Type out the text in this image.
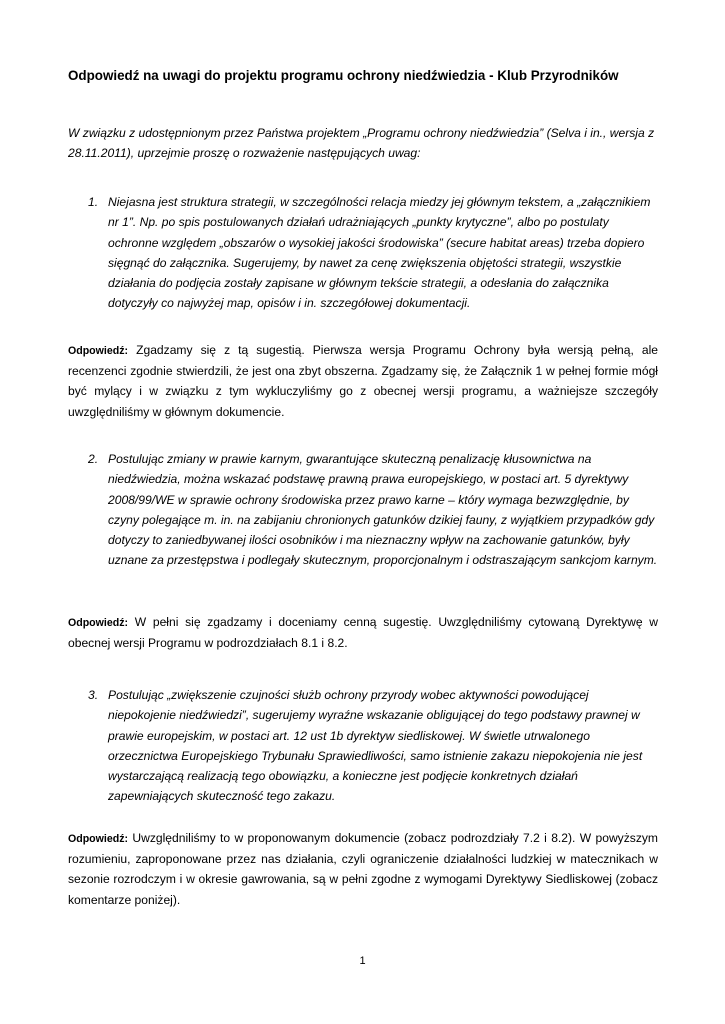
Odpowiedź na uwagi do projektu programu ochrony niedźwiedzia - Klub Przyrodników
W związku z udostępnionym przez Państwa projektem „Programu ochrony niedźwiedzia” (Selva i in., wersja z 28.11.2011), uprzejmie proszę o rozważenie następujących uwag:
1. Niejasna jest struktura strategii, w szczególności relacja miedzy jej głównym tekstem, a „załącznikiem nr 1”. Np. po spis postulowanych działań udrażniających „punkty krytyczne”, albo po postulaty ochronne względem „obszarów o wysokiej jakości środowiska” (secure habitat areas) trzeba dopiero sięgnąć do załącznika. Sugerujemy, by nawet za cenę zwiększenia objętości strategii, wszystkie działania do podjęcia zostały zapisane w głównym tekście strategii, a odesłania do załącznika dotyczyły co najwyżej map, opisów i in. szczegółowej dokumentacji.
Odpowiedź: Zgadzamy się z tą sugestią. Pierwsza wersja Programu Ochrony była wersją pełną, ale recenzenci zgodnie stwierdzili, że jest ona zbyt obszerna. Zgadzamy się, że Załącznik 1 w pełnej formie mógł być mylący i w związku z tym wykluczyliśmy go z obecnej wersji programu, a ważniejsze szczegóły uwzględniliśmy w głównym dokumencie.
2. Postulując zmiany w prawie karnym, gwarantujące skuteczną penalizację kłusownictwa na niedźwiedzia, można wskazać podstawę prawną prawa europejskiego, w postaci art. 5 dyrektywy 2008/99/WE w sprawie ochrony środowiska przez prawo karne – który wymaga bezwzględnie, by czyny polegające m. in. na zabijaniu chronionych gatunków dzikiej fauny, z wyjątkiem przypadków gdy dotyczy to zaniedbywanej ilości osobników i ma nieznaczny wpływ na zachowanie gatunków, były uznane za przestępstwa i podlegały skutecznym, proporcjonalnym i odstraszającym sankcjom karnym.
Odpowiedź: W pełni się zgadzamy i doceniamy cenną sugestię. Uwzględniliśmy cytowaną Dyrektywę w obecnej wersji Programu w podrozdziałach 8.1 i 8.2.
3. Postulując „zwiększenie czujności służb ochrony przyrody wobec aktywności powodującej niepokojenie niedźwiedzi”, sugerujemy wyraźne wskazanie obligującej do tego podstawy prawnej w prawie europejskim, w postaci art. 12 ust 1b dyrektyw siedliskowej. W świetle utrwalonego orzecznictwa Europejskiego Trybunału Sprawiedliwości, samo istnienie zakazu niepokojenia nie jest wystarczającą realizacją tego obowiązku, a konieczne jest podjęcie konkretnych działań zapewniających skuteczność tego zakazu.
Odpowiedź: Uwzględniliśmy to w proponowanym dokumencie (zobacz podrozdziały 7.2 i 8.2). W powyższym rozumieniu, zaproponowane przez nas działania, czyli ograniczenie działalności ludzkiej w matecznikach w sezonie rozrodczym i w okresie gawrowania, są w pełni zgodne z wymogami Dyrektywy Siedliskowej (zobacz komentarze poniżej).
1
